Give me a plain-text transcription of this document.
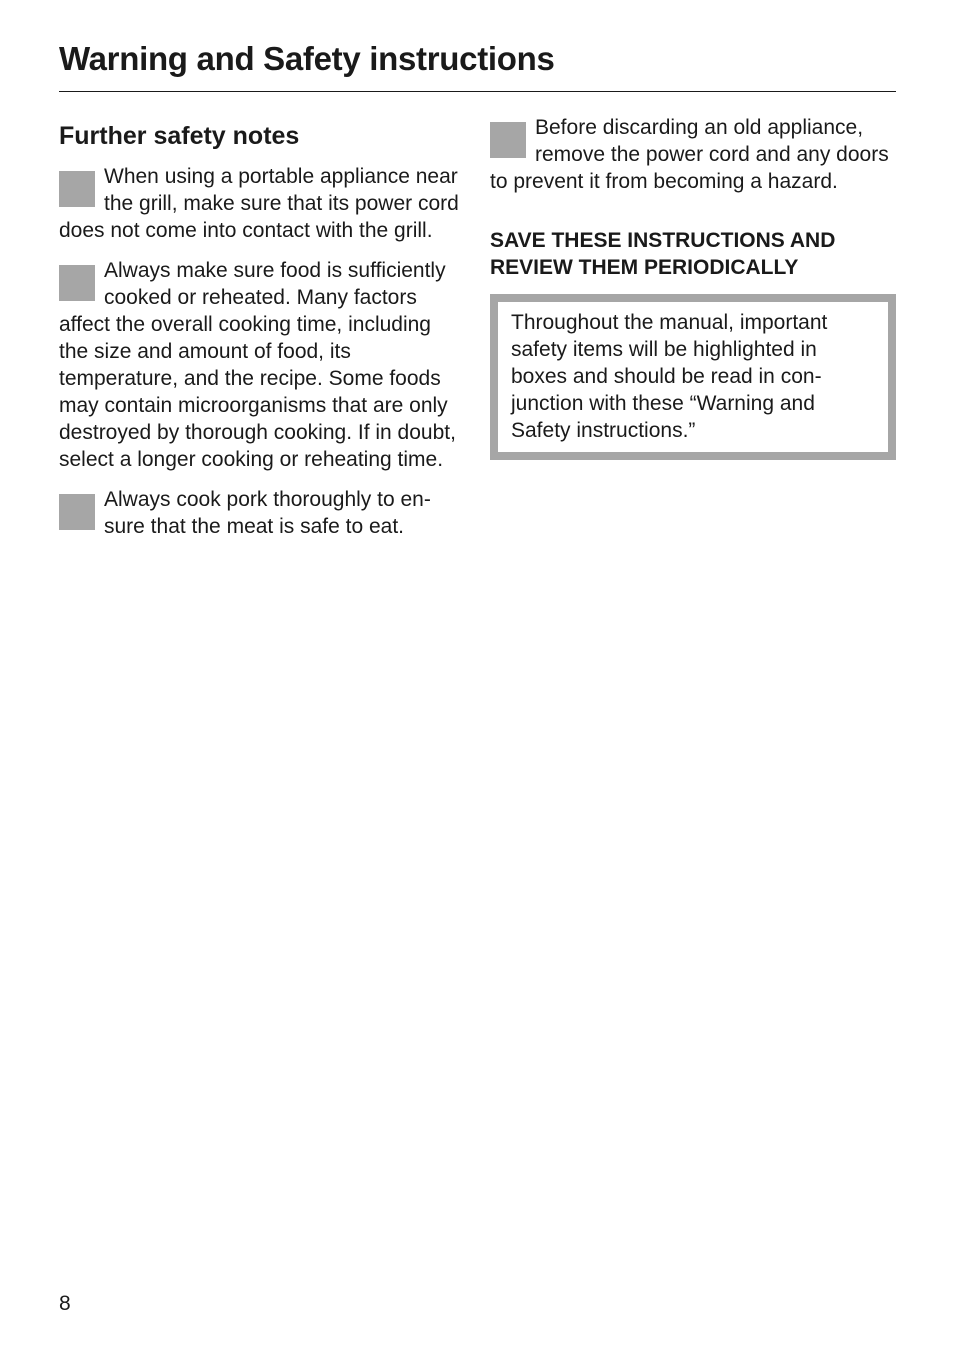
Warning and Safety instructions
Further safety notes

When using a portable appliance near the grill, make sure that its power cord does not come into contact with the grill.

Always make sure food is sufficiently cooked or reheated. Many factors affect the overall cooking time, including the size and amount of food, its temperature, and the recipe. Some foods may contain microorganisms that are only destroyed by thorough cooking. If in doubt, select a longer cooking or reheating time.

Always cook pork thoroughly to ensure that the meat is safe to eat.

Before discarding an old appliance, remove the power cord and any doors to prevent it from becoming a hazard.

SAVE THESE INSTRUCTIONS AND REVIEW THEM PERIODICALLY
Throughout the manual, important safety items will be highlighted in boxes and should be read in conjunction with these “Warning and Safety instructions.”
8
